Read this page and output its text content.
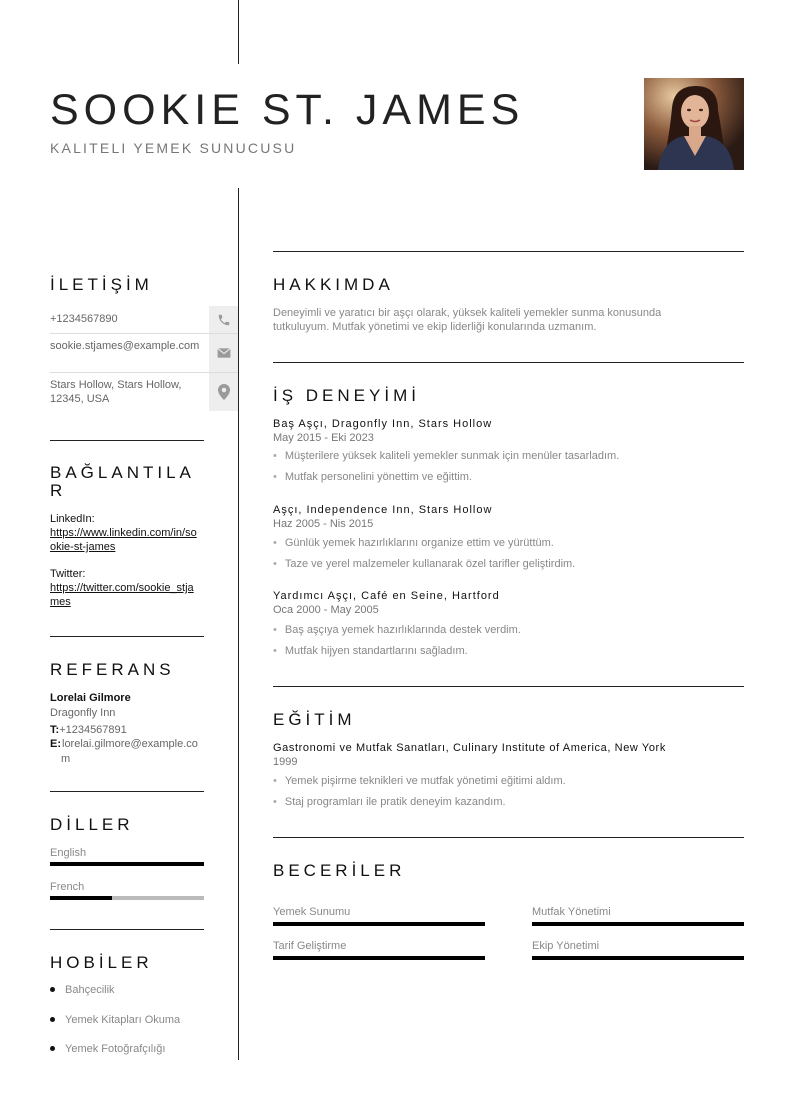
SOOKIE ST. JAMES
KALITELI YEMEK SUNUCUSU
İLETİŞİM
+1234567890
sookie.stjames@example.com
Stars Hollow, Stars Hollow, 12345, USA
BAĞLANTILAR
LinkedIn:
https://www.linkedin.com/in/sookie-st-james
Twitter:
https://twitter.com/sookie_stjames
REFERANS
Lorelai Gilmore
Dragonfly Inn
T:+1234567891
E: lorelai.gilmore@example.com
DİLLER
English
French
HOBİLER
Bahçecilik
Yemek Kitapları Okuma
Yemek Fotoğrafçılığı
HAKKIMDA
Deneyimli ve yaratıcı bir aşçı olarak, yüksek kaliteli yemekler sunma konusunda tutkuluyum. Mutfak yönetimi ve ekip liderliği konularında uzmanım.
İŞ DENEYİMİ
Baş Aşçı, Dragonfly Inn, Stars Hollow
May 2015 - Eki 2023
• Müşterilere yüksek kaliteli yemekler sunmak için menüler tasarladım.
• Mutfak personelini yönettim ve eğittim.
Aşçı, Independence Inn, Stars Hollow
Haz 2005 - Nis 2015
• Günlük yemek hazırlıklarını organize ettim ve yürüttüm.
• Taze ve yerel malzemeler kullanarak özel tarifler geliştirdim.
Yardımcı Aşçı, Café en Seine, Hartford
Oca 2000 - May 2005
• Baş aşçıya yemek hazırlıklarında destek verdim.
• Mutfak hijyen standartlarını sağladım.
EĞİTİM
Gastronomi ve Mutfak Sanatları, Culinary Institute of America, New York
1999
• Yemek pişirme teknikleri ve mutfak yönetimi eğitimi aldım.
• Staj programları ile pratik deneyim kazandım.
BECERİLER
Yemek Sunumu	Mutfak Yönetimi
Tarif Geliştirme	Ekip Yönetimi
